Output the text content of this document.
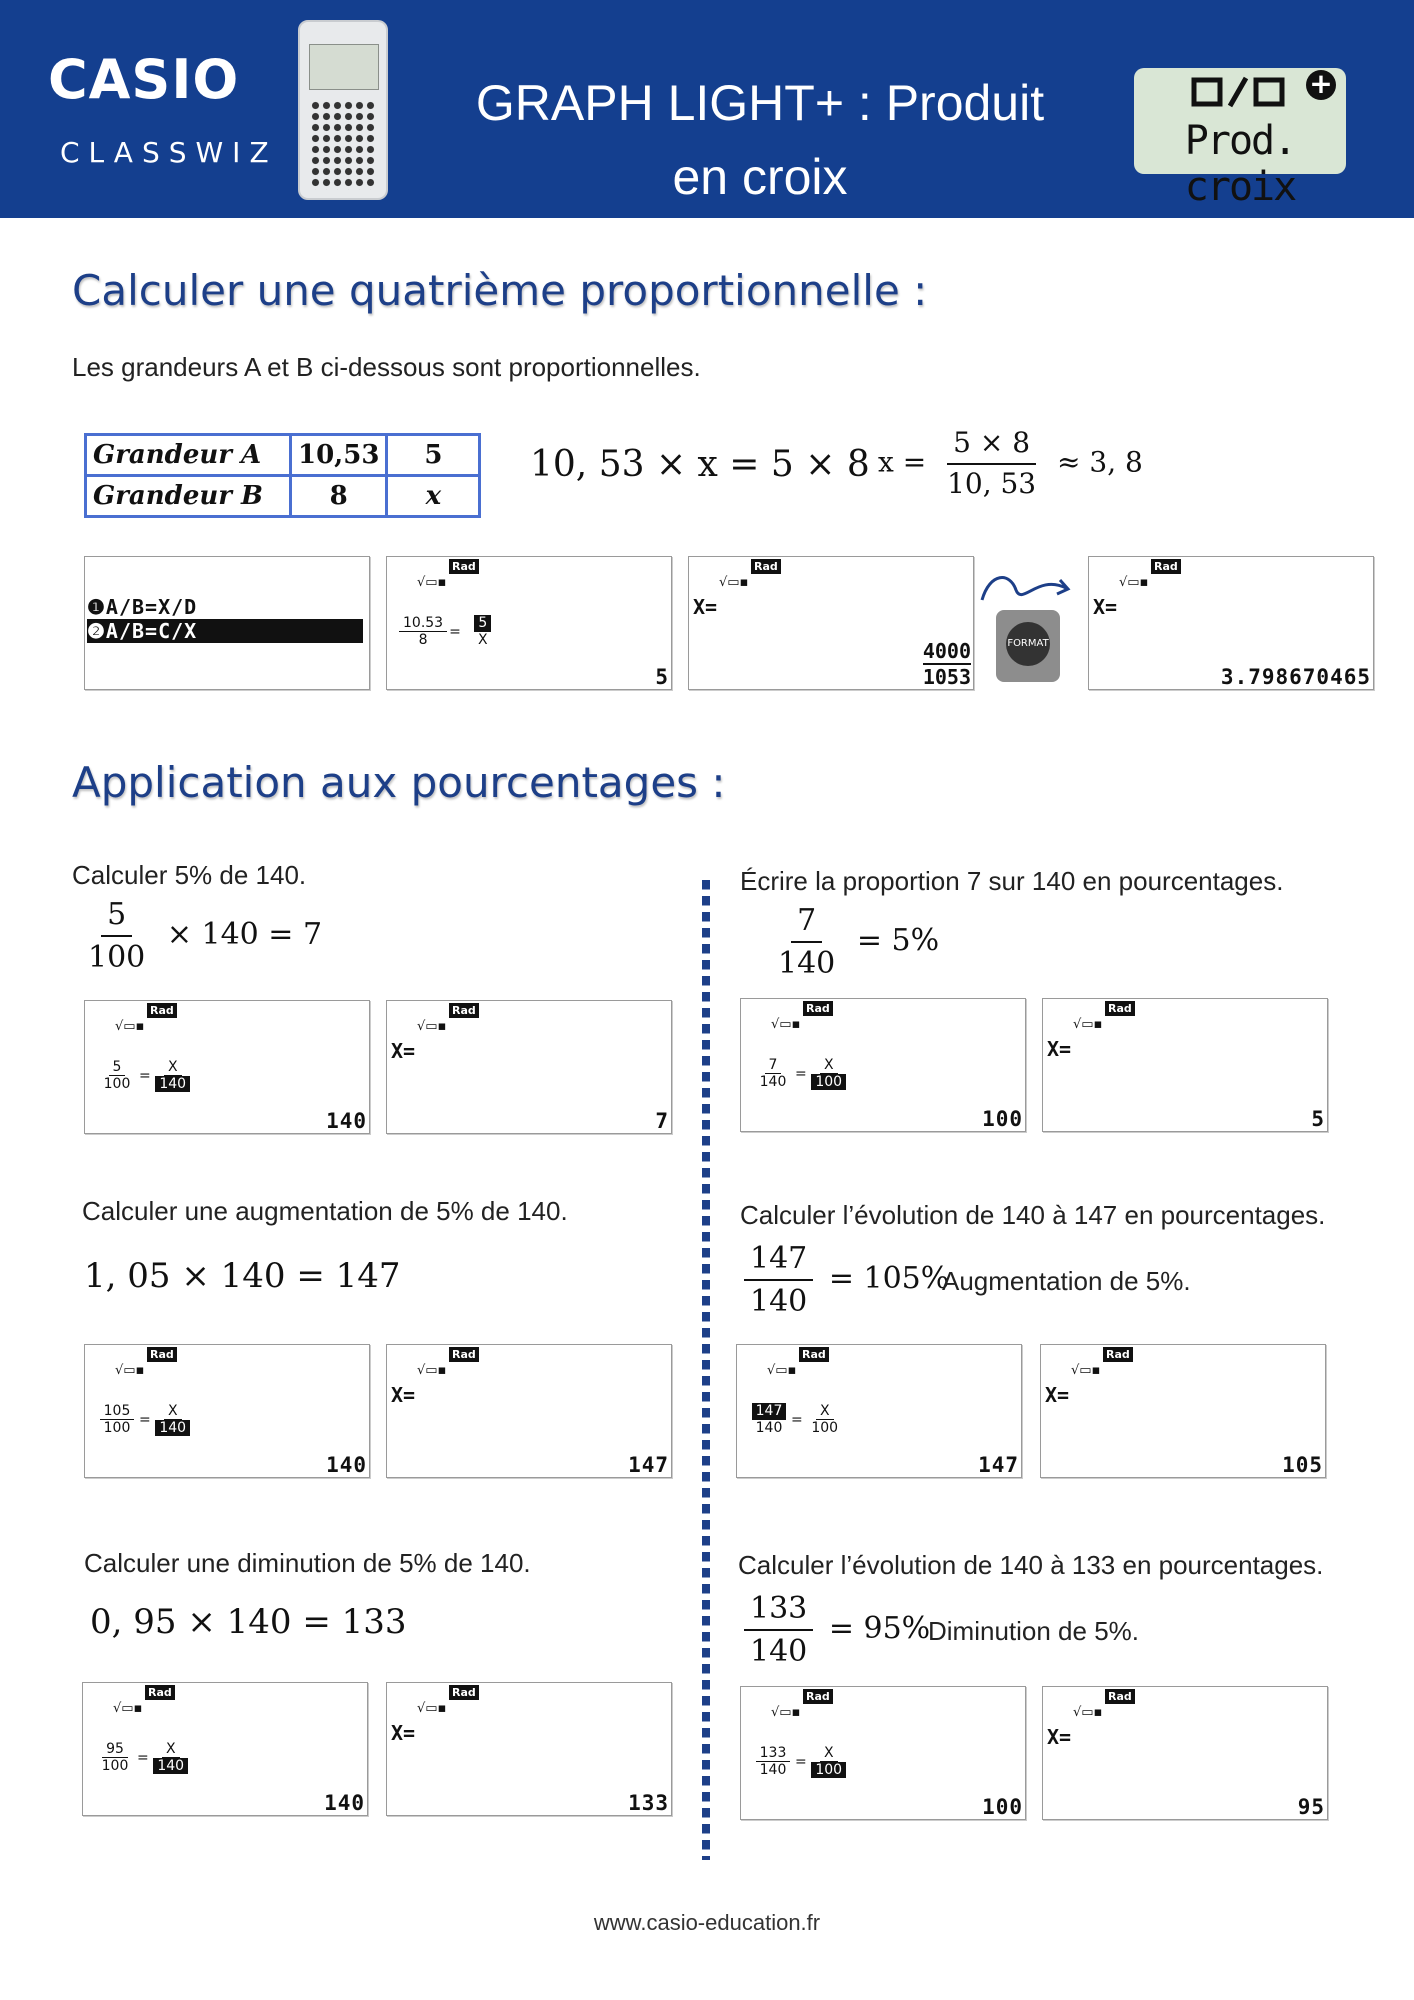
CASIO
CLASSWIZ
GRAPH LIGHT+ : Produit
en croix
+
Prod. croix
Calculer une quatrième proportionnelle :
Les grandeurs A et B ci-dessous sont proportionnelles.
Grandeur A	10,53	5
Grandeur B	8	x
10, 53 × x = 5 × 8 $x = \frac{5 \times 8}{10, 53} \approx 3$, 8
❶A/B=X/D
❷A/B=C/X
Rad
√▭▪
$\frac{10.53}{8} = \frac{5}{X}$
5
Rad
√▭▪
X=
$\frac{4000}{1053}$	FORMAT
Rad
√▭▪
X=
3.798670465
Application aux pourcentages :
Calculer 5% de 140.
$\frac{5}{100} \times 140 = 7$
Rad
√▭▪
$\frac{5}{100} = \frac{X}{140}$
140
Rad
√▭▪
X=
7
Écrire la proportion 7 sur 140 en pourcentages.
$\frac{7}{140} = 5\%$
Rad
√▭▪
$\frac{7}{140} = \frac{X}{100}$
100
Rad
√▭▪
X=
5
Calculer une augmentation de 5% de 140.
1, 05 × 140 = 147
Rad
√▭▪
$\frac{105}{100} = \frac{X}{140}$
140
Rad
√▭▪
X=
147
Calculer l’évolution de 140 à 147 en pourcentages.
$\frac{147}{140} = 105\%$
Augmentation de 5%.
Rad
√▭▪
$\frac{147}{140} = \frac{X}{100}$
147
Rad
√▭▪
X=
105
Calculer une diminution de 5% de 140.
0, 95 × 140 = 133
Rad
√▭▪
$\frac{95}{100} = \frac{X}{140}$
140
Rad
√▭▪
X=
133
Calculer l’évolution de 140 à 133 en pourcentages.
$\frac{133}{140} = 95\%$
Diminution de 5%.
Rad
√▭▪
$\frac{133}{140} = \frac{X}{100}$
100
Rad
√▭▪
X=
95
www.casio-education.fr
